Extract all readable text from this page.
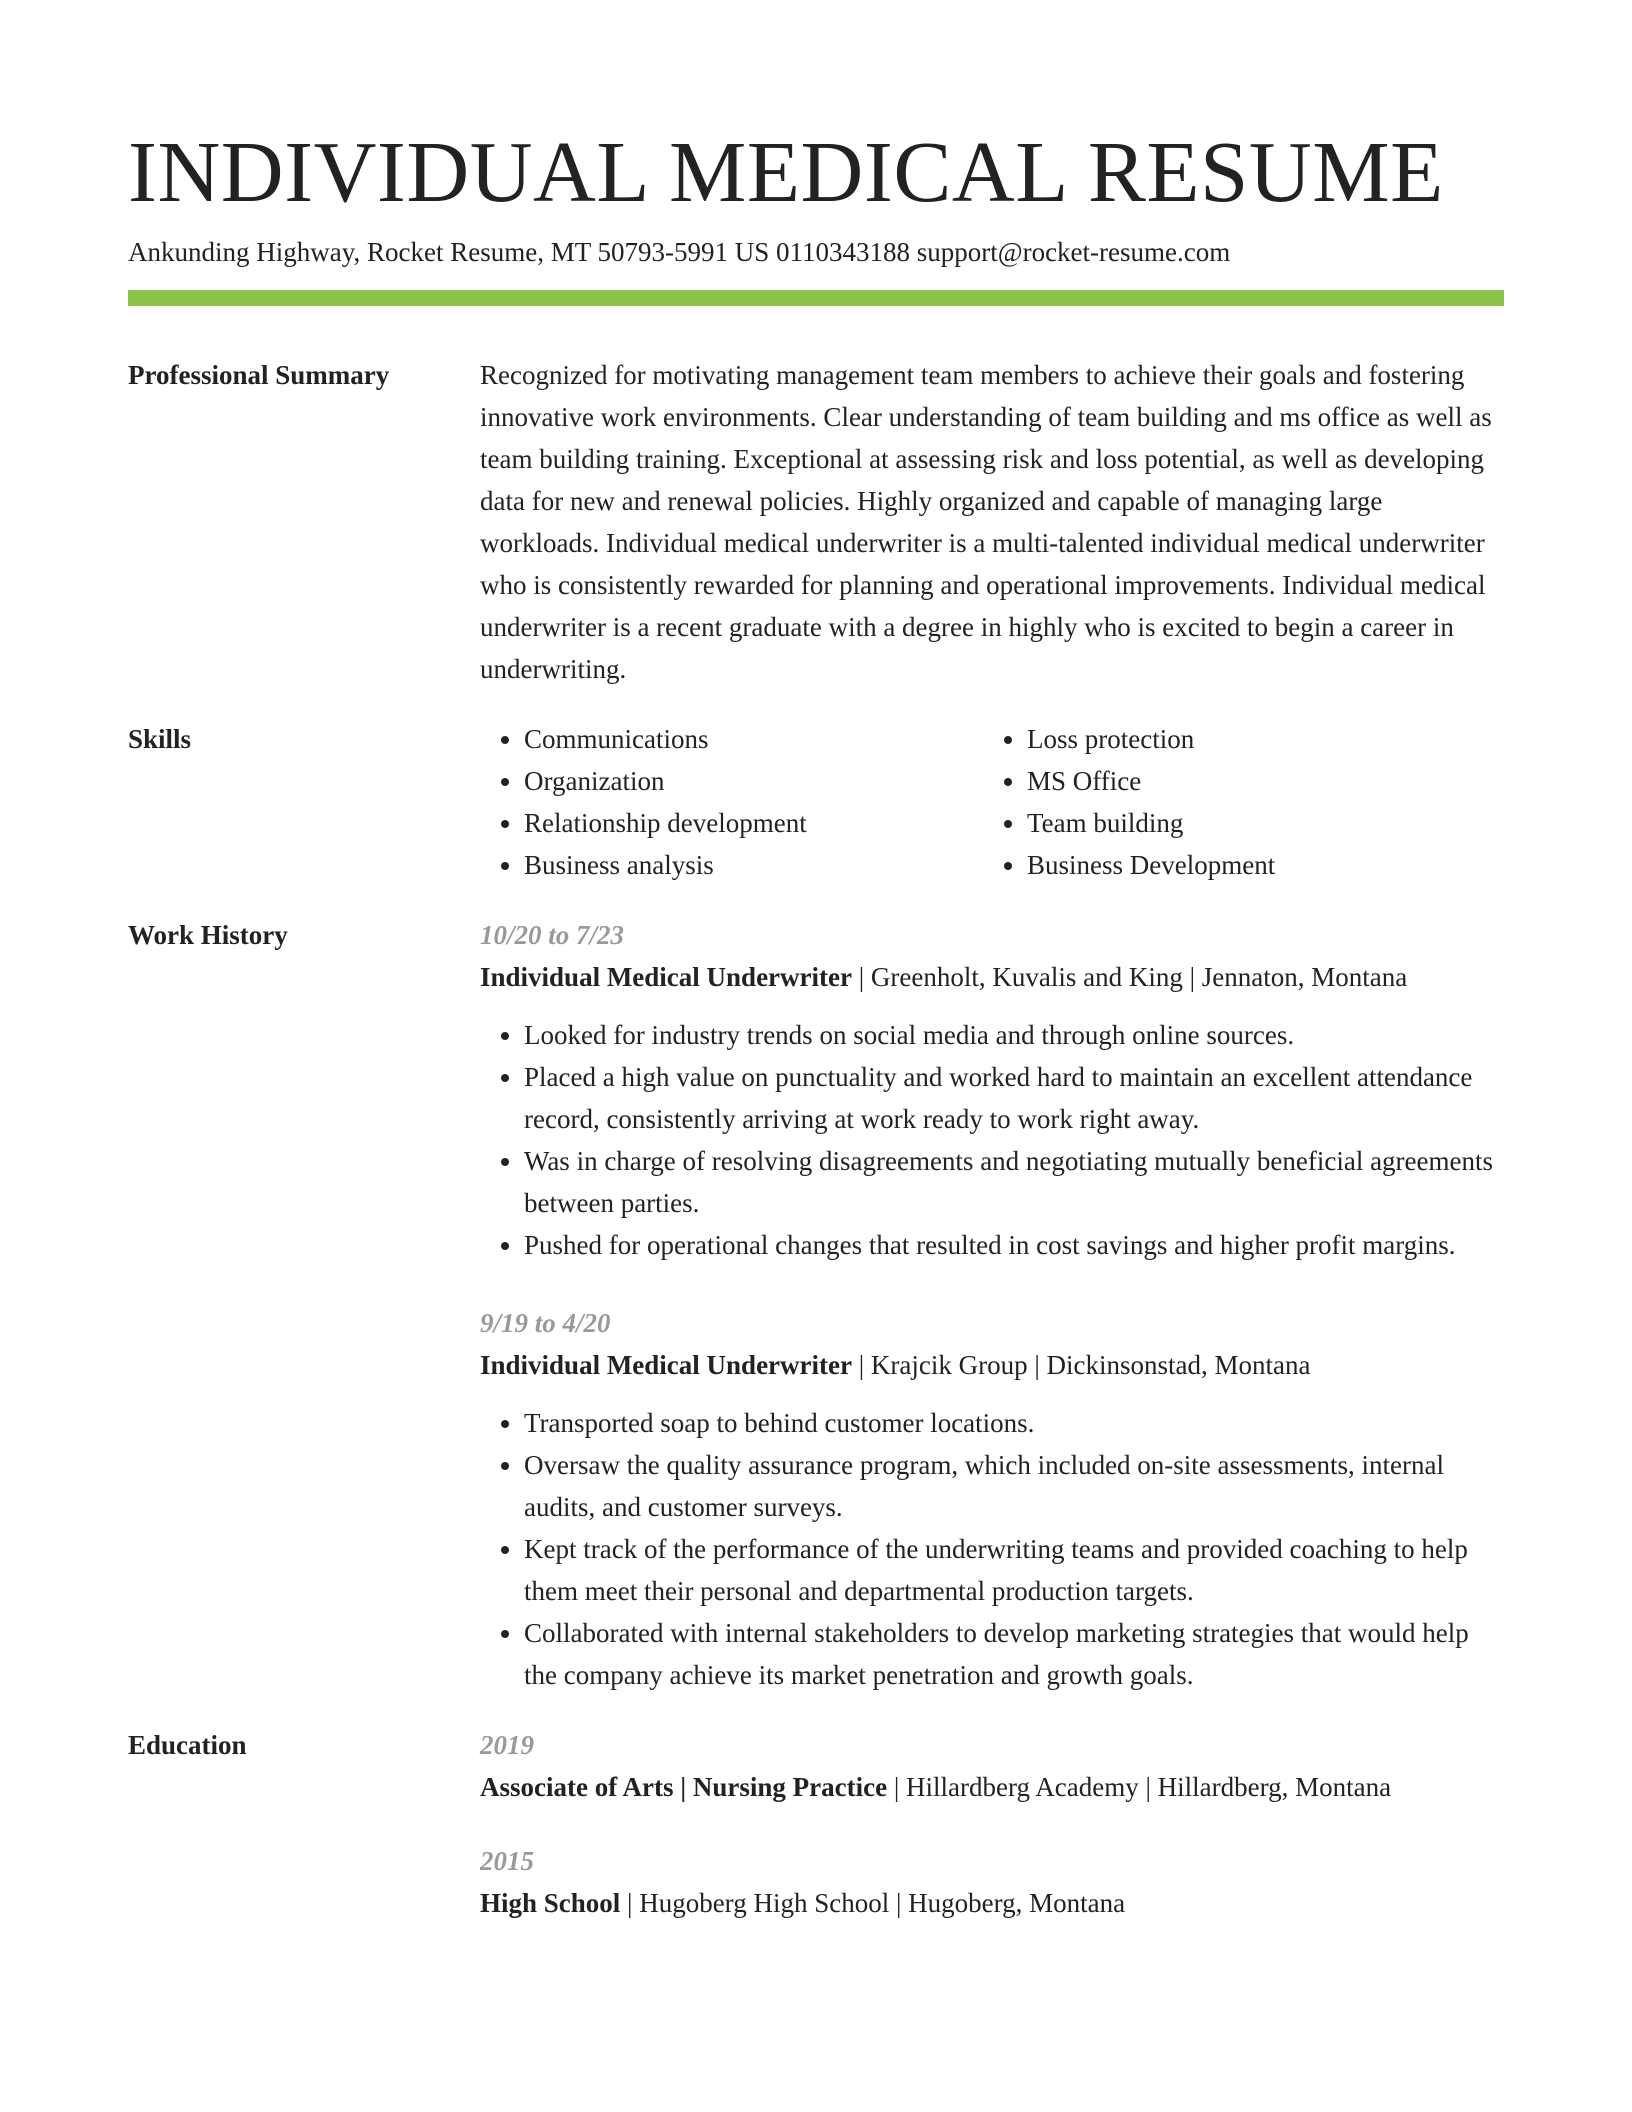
INDIVIDUAL MEDICAL RESUME
Ankunding Highway, Rocket Resume, MT 50793-5991 US 0110343188 support@rocket-resume.com
Professional Summary	Recognized for motivating management team members to achieve their goals and fostering innovative work environments. Clear understanding of team building and ms office as well as team building training. Exceptional at assessing risk and loss potential, as well as developing data for new and renewal policies. Highly organized and capable of managing large workloads. Individual medical underwriter is a multi-talented individual medical underwriter who is consistently rewarded for planning and operational improvements. Individual medical underwriter is a recent graduate with a degree in highly who is excited to begin a career in underwriting.

Skills
•	Communications
• Organization
• Relationship development
• Business analysis
• Loss protection
• MS Office
• Team building
• Business Development
Work History	10/20 to 7/23
Individual Medical Underwriter | Greenholt, Kuvalis and King | Jennaton, Montana
• Looked for industry trends on social media and through online sources.
• Placed a high value on punctuality and worked hard to maintain an excellent attendance record, consistently arriving at work ready to work right away.
• Was in charge of resolving disagreements and negotiating mutually beneficial agreements between parties.
• Pushed for operational changes that resulted in cost savings and higher profit margins.
9/19 to 4/20
Individual Medical Underwriter | Krajcik Group | Dickinsonstad, Montana
• Transported soap to behind customer locations.
• Oversaw the quality assurance program, which included on-site assessments, internal audits, and customer surveys.
• Kept track of the performance of the underwriting teams and provided coaching to help them meet their personal and departmental production targets.
• Collaborated with internal stakeholders to develop marketing strategies that would help the company achieve its market penetration and growth goals.
Education	2019
Associate of Arts | Nursing Practice | Hillardberg Academy | Hillardberg, Montana
2015
High School | Hugoberg High School | Hugoberg, Montana
